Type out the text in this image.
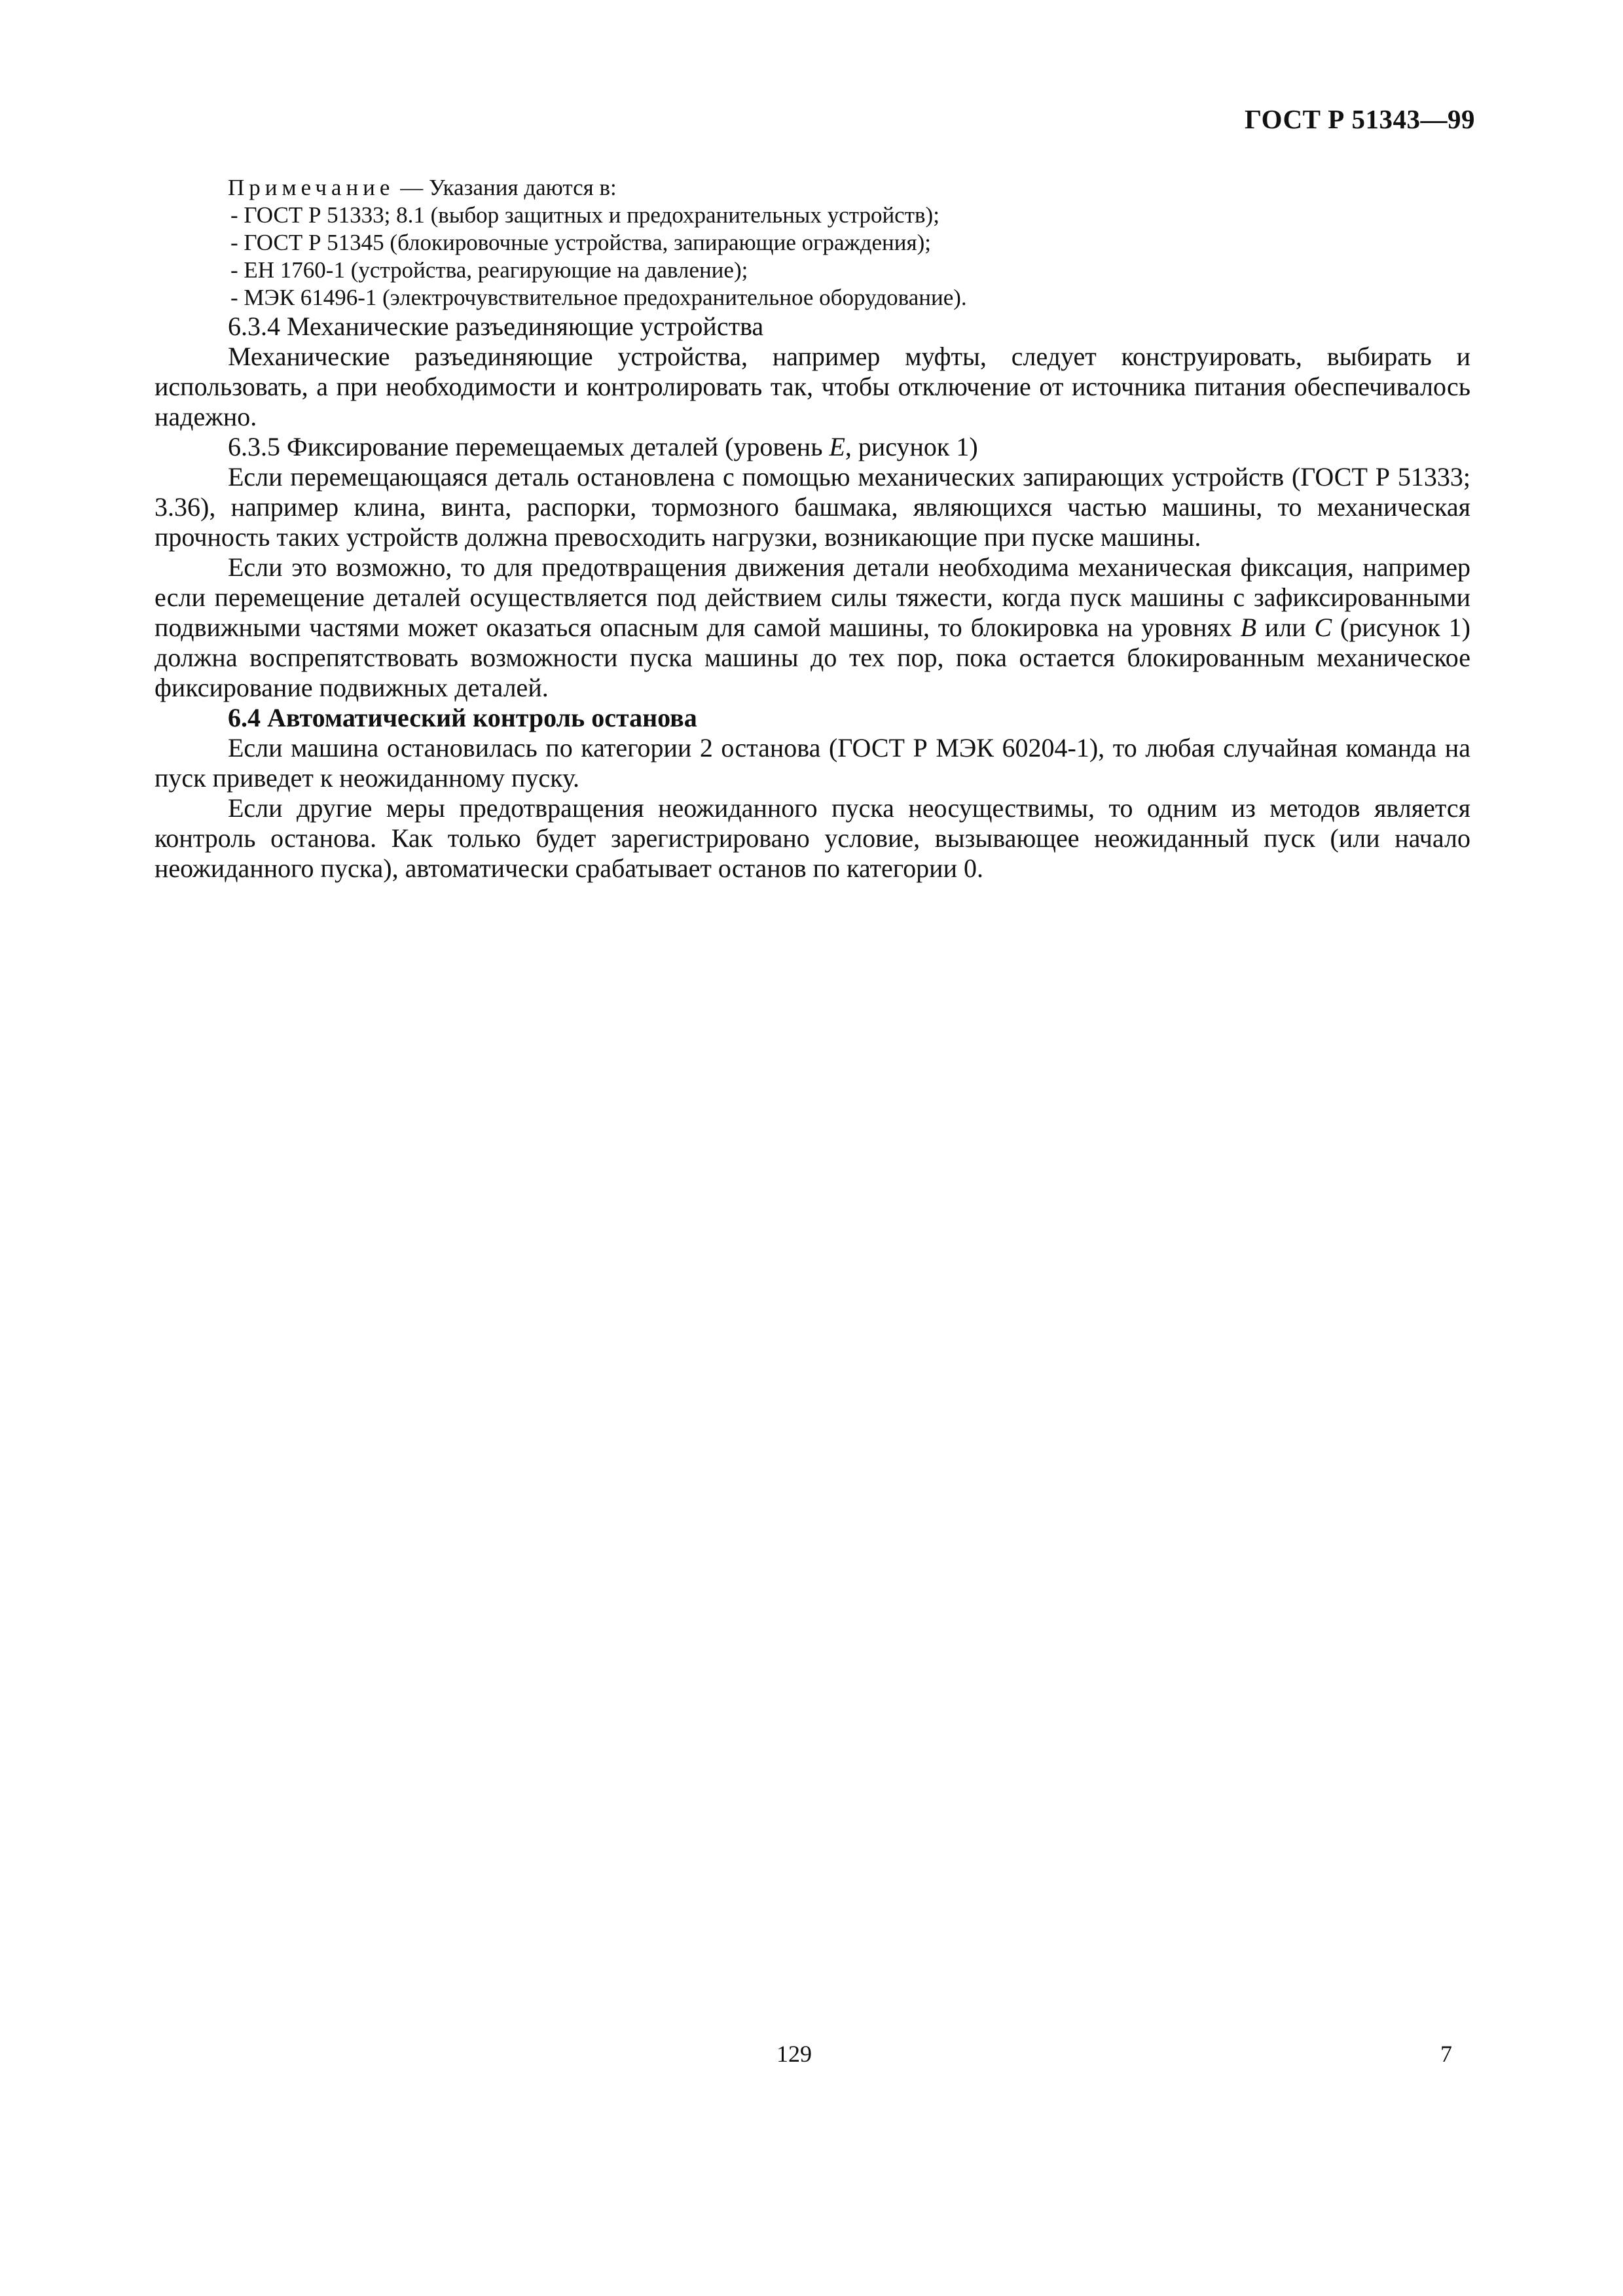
ГОСТ Р 51343—99
Примечание — Указания даются в:
- ГОСТ Р 51333; 8.1 (выбор защитных и предохранительных устройств);
- ГОСТ Р 51345 (блокировочные устройства, запирающие ограждения);
- ЕН 1760-1 (устройства, реагирующие на давление);
- МЭК 61496-1 (электрочувствительное предохранительное оборудование).
6.3.4 Механические разъединяющие устройства

Механические разъединяющие устройства, например муфты, следует конструировать, выбирать и использовать, а при необходимости и контролировать так, чтобы отключение от источника питания обеспечивалось надежно.

6.3.5 Фиксирование перемещаемых деталей (уровень E, рисунок 1)

Если перемещающаяся деталь остановлена с помощью механических запирающих устройств (ГОСТ Р 51333; 3.36), например клина, винта, распорки, тормозного башмака, являющихся частью машины, то механическая прочность таких устройств должна превосходить нагрузки, возникающие при пуске машины.

Если это возможно, то для предотвращения движения детали необходима механическая фиксация, например если перемещение деталей осуществляется под действием силы тяжести, когда пуск машины с зафиксированными подвижными частями может оказаться опасным для самой машины, то блокировка на уровнях B или C (рисунок 1) должна воспрепятствовать возможности пуска машины до тех пор, пока остается блокированным механическое фиксирование подвижных деталей.

6.4 Автоматический контроль останова

Если машина остановилась по категории 2 останова (ГОСТ Р МЭК 60204-1), то любая случайная команда на пуск приведет к неожиданному пуску.

Если другие меры предотвращения неожиданного пуска неосуществимы, то одним из методов является контроль останова. Как только будет зарегистрировано условие, вызывающее неожиданный пуск (или начало неожиданного пуска), автоматически срабатывает останов по категории 0.

129	7
